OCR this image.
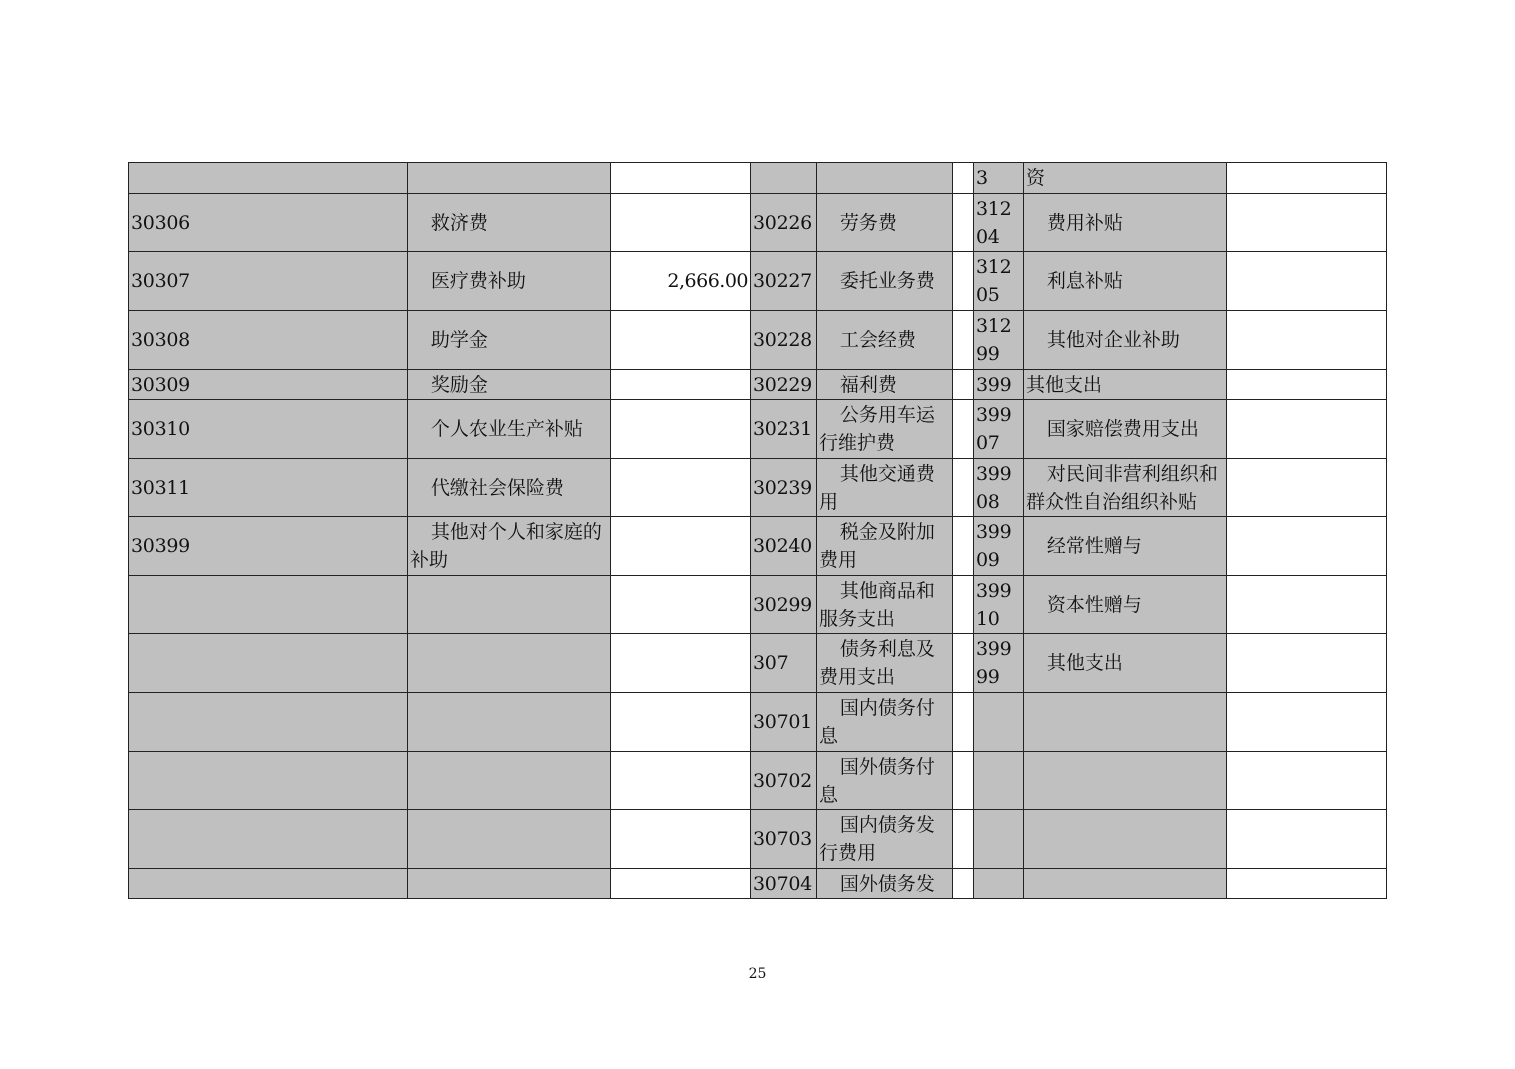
						3	资	
30306	救济费		30226	劳务费		31204	费用补贴	
30307	医疗费补助	2,666.00	30227	委托业务费		31205	利息补贴	
30308	助学金		30228	工会经费		31299	其他对企业补助	
30309	奖励金		30229	福利费		399	其他支出	
30310	个人农业生产补贴		30231	公务用车运行维护费		39907	国家赔偿费用支出	
30311	代缴社会保险费		30239	其他交通费用		39908	对民间非营利组织和群众性自治组织补贴	
30399	其他对个人和家庭的补助		30240	税金及附加费用		39909	经常性赠与	
			30299	其他商品和服务支出		39910	资本性赠与	
			307	债务利息及费用支出		39999	其他支出	
			30701	国内债务付息				
			30702	国外债务付息				
			30703	国内债务发行费用				
			30704	国外债务发				
25
